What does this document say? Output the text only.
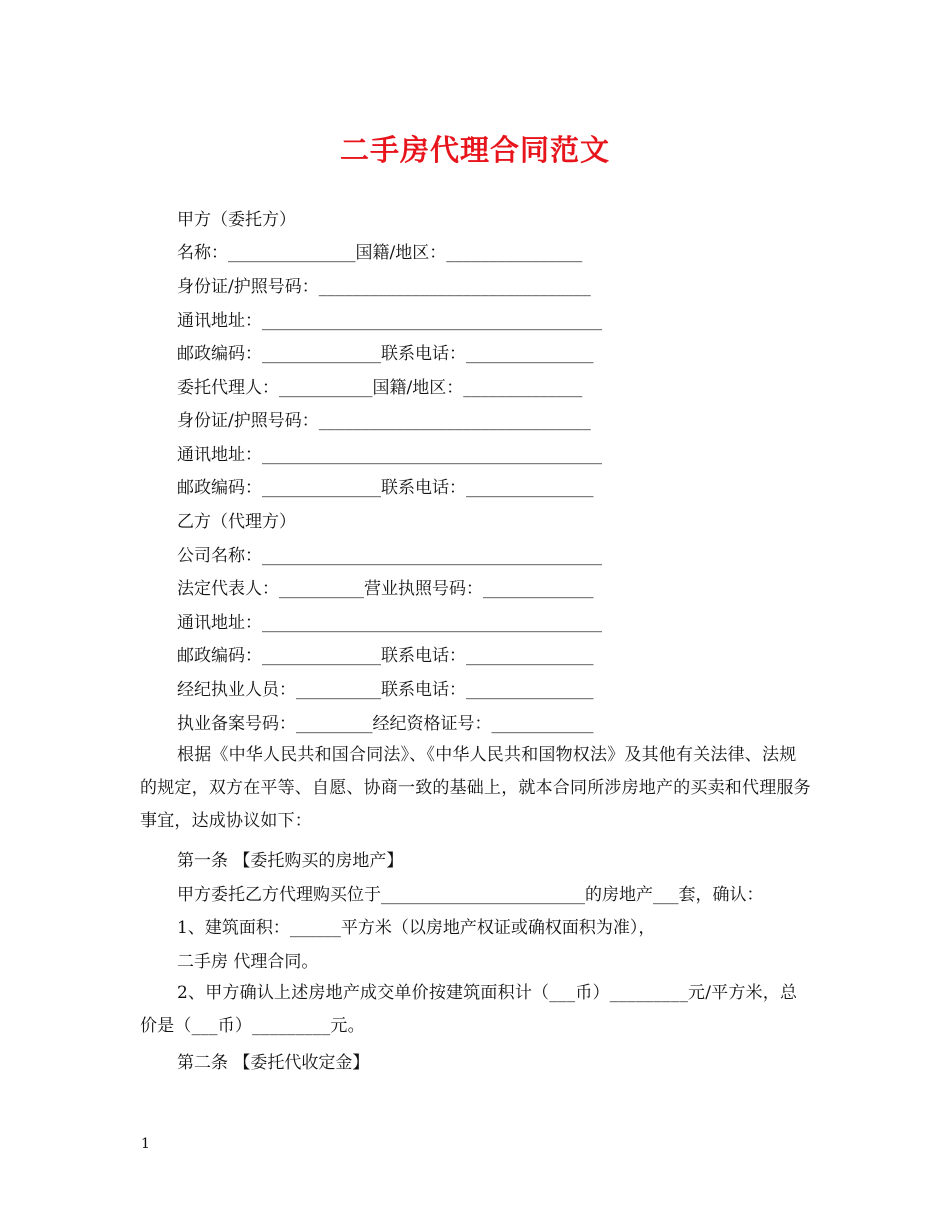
二手房代理合同范文
甲方（委托方）
名称：_______________国籍/地区：________________
身份证/护照号码：________________________________
通讯地址：________________________________________
邮政编码：______________联系电话：_______________
委托代理人：___________国籍/地区：______________
身份证/护照号码：________________________________
通讯地址：________________________________________
邮政编码：______________联系电话：_______________
乙方（代理方）
公司名称：________________________________________
法定代表人：__________营业执照号码：_____________
通讯地址：________________________________________
邮政编码：______________联系电话：_______________
经纪执业人员：__________联系电话：_______________
执业备案号码：_________经纪资格证号：____________
根据《中华人民共和国合同法》、《中华人民共和国物权法》及其他有关法律、法规的规定，双方在平等、自愿、协商一致的基础上，就本合同所涉房地产的买卖和代理服务事宜，达成协议如下：
第一条 【委托购买的房地产】
甲方委托乙方代理购买位于________________________的房地产___套，确认：
1、建筑面积：______平方米（以房地产权证或确权面积为准），
二手房 代理合同。
2、甲方确认上述房地产成交单价按建筑面积计（___币）_________元/平方米，总价是（___币）_________元。
第二条 【委托代收定金】
1
